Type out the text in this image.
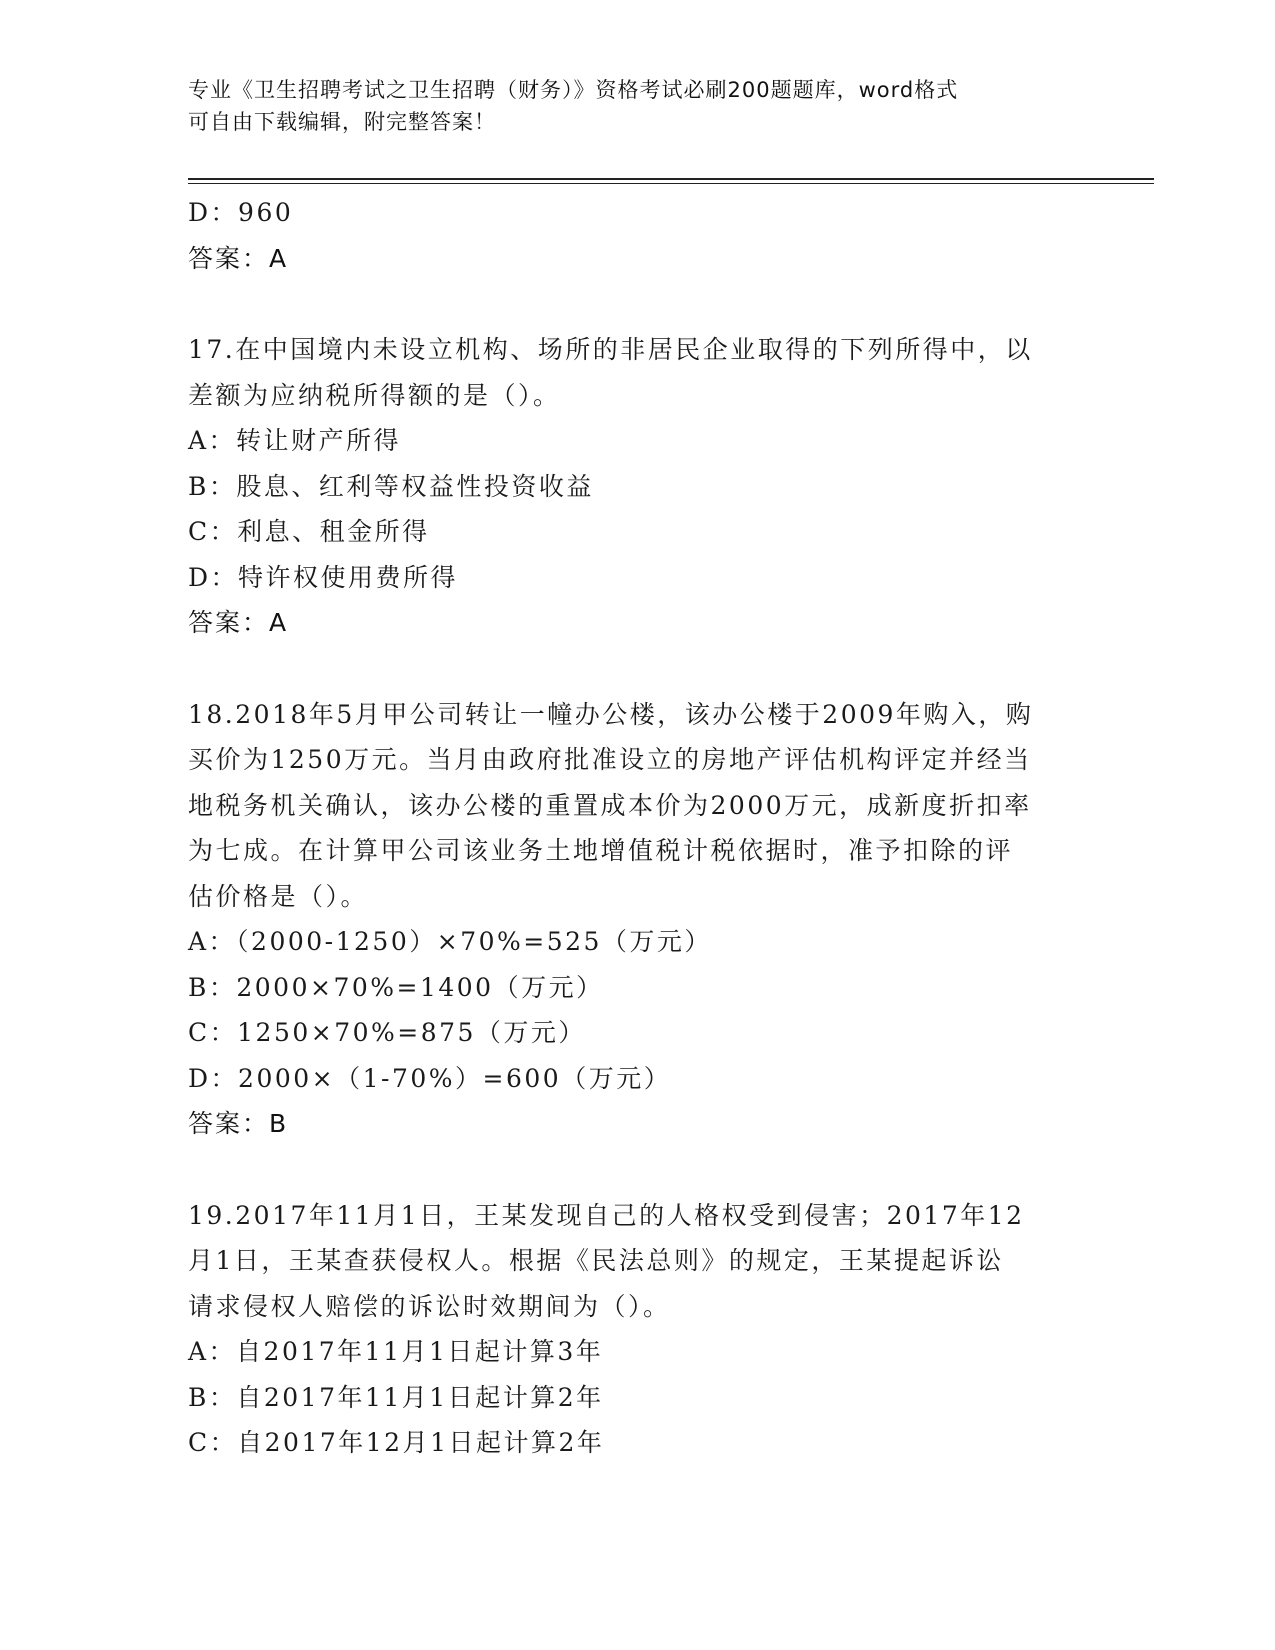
专业《卫生招聘考试之卫生招聘（财务）》资格考试必刷200题题库，word格式
可自由下载编辑，附完整答案！
D：960
答案：A
17.在中国境内未设立机构、场所的非居民企业取得的下列所得中，以
差额为应纳税所得额的是（）。
A：转让财产所得
B：股息、红利等权益性投资收益
C：利息、租金所得
D：特许权使用费所得
答案：A
18.2018年5月甲公司转让一幢办公楼，该办公楼于2009年购入，购
买价为1250万元。当月由政府批准设立的房地产评估机构评定并经当
地税务机关确认，该办公楼的重置成本价为2000万元，成新度折扣率
为七成。在计算甲公司该业务土地增值税计税依据时，准予扣除的评
估价格是（）。
A：（2000-1250）×70%=525（万元）
B：2000×70%=1400（万元）
C：1250×70%=875（万元）
D：2000×（1-70%）=600（万元）
答案：B
19.2017年11月1日，王某发现自己的人格权受到侵害；2017年12
月1日，王某查获侵权人。根据《民法总则》的规定，王某提起诉讼
请求侵权人赔偿的诉讼时效期间为（）。
A：自2017年11月1日起计算3年
B：自2017年11月1日起计算2年
C：自2017年12月1日起计算2年
